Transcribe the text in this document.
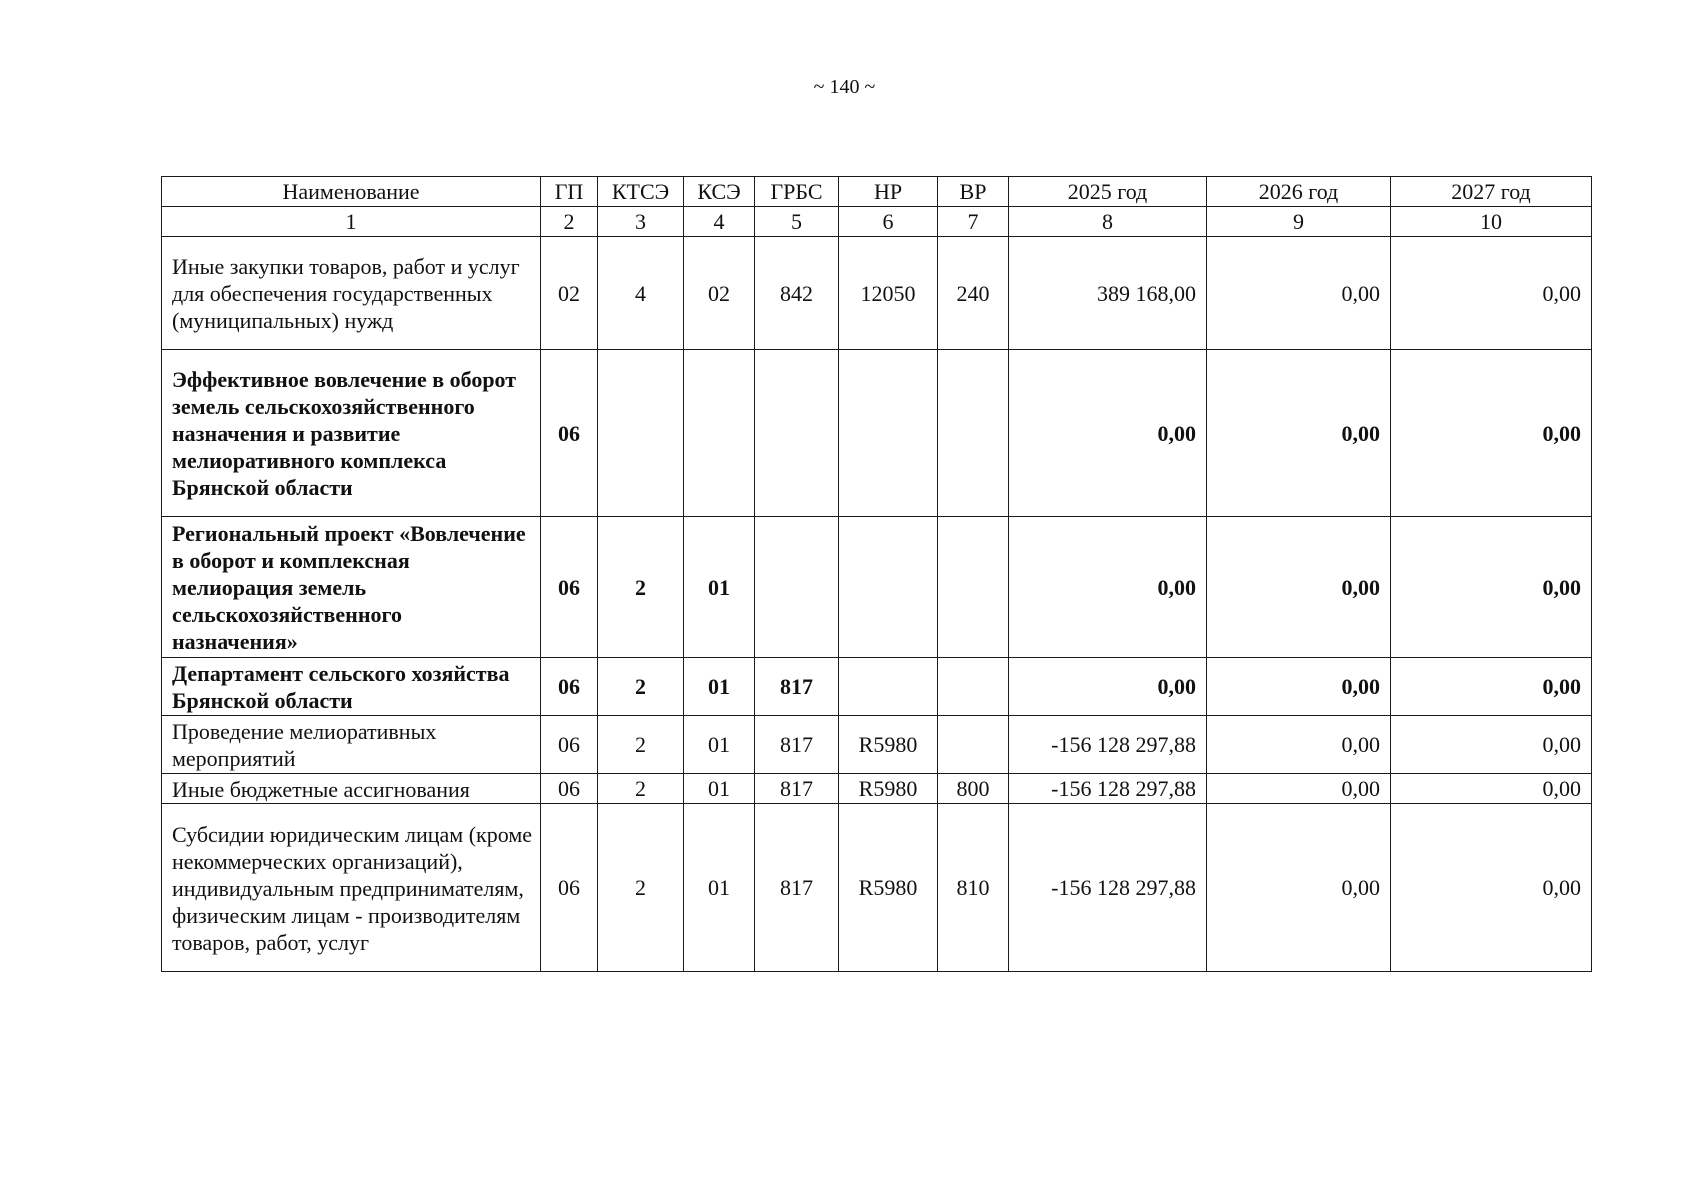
~ 140 ~
Наименование	ГП	КТСЭ	КСЭ	ГРБС	НР	ВР	2025 год	2026 год	2027 год
1	2	3	4	5	6	7	8	9	10
Иные закупки товаров, работ и услуг для обеспечения государственных (муниципальных) нужд	02	4	02	842	12050	240	389 168,00	0,00	0,00
Эффективное вовлечение в оборот земель сельскохозяйственного назначения и развитие мелиоративного комплекса Брянской области	06						0,00	0,00	0,00
Региональный проект «Вовлечение в оборот и комплексная мелиорация земель сельскохозяйственного назначения»	06	2	01				0,00	0,00	0,00
Департамент сельского хозяйства Брянской области	06	2	01	817			0,00	0,00	0,00
Проведение мелиоративных мероприятий	06	2	01	817	R5980		-156 128 297,88	0,00	0,00
Иные бюджетные ассигнования	06	2	01	817	R5980	800	-156 128 297,88	0,00	0,00
Субсидии юридическим лицам (кроме некоммерческих организаций), индивидуальным предпринимателям, физическим лицам - производителям товаров, работ, услуг	06	2	01	817	R5980	810	-156 128 297,88	0,00	0,00
